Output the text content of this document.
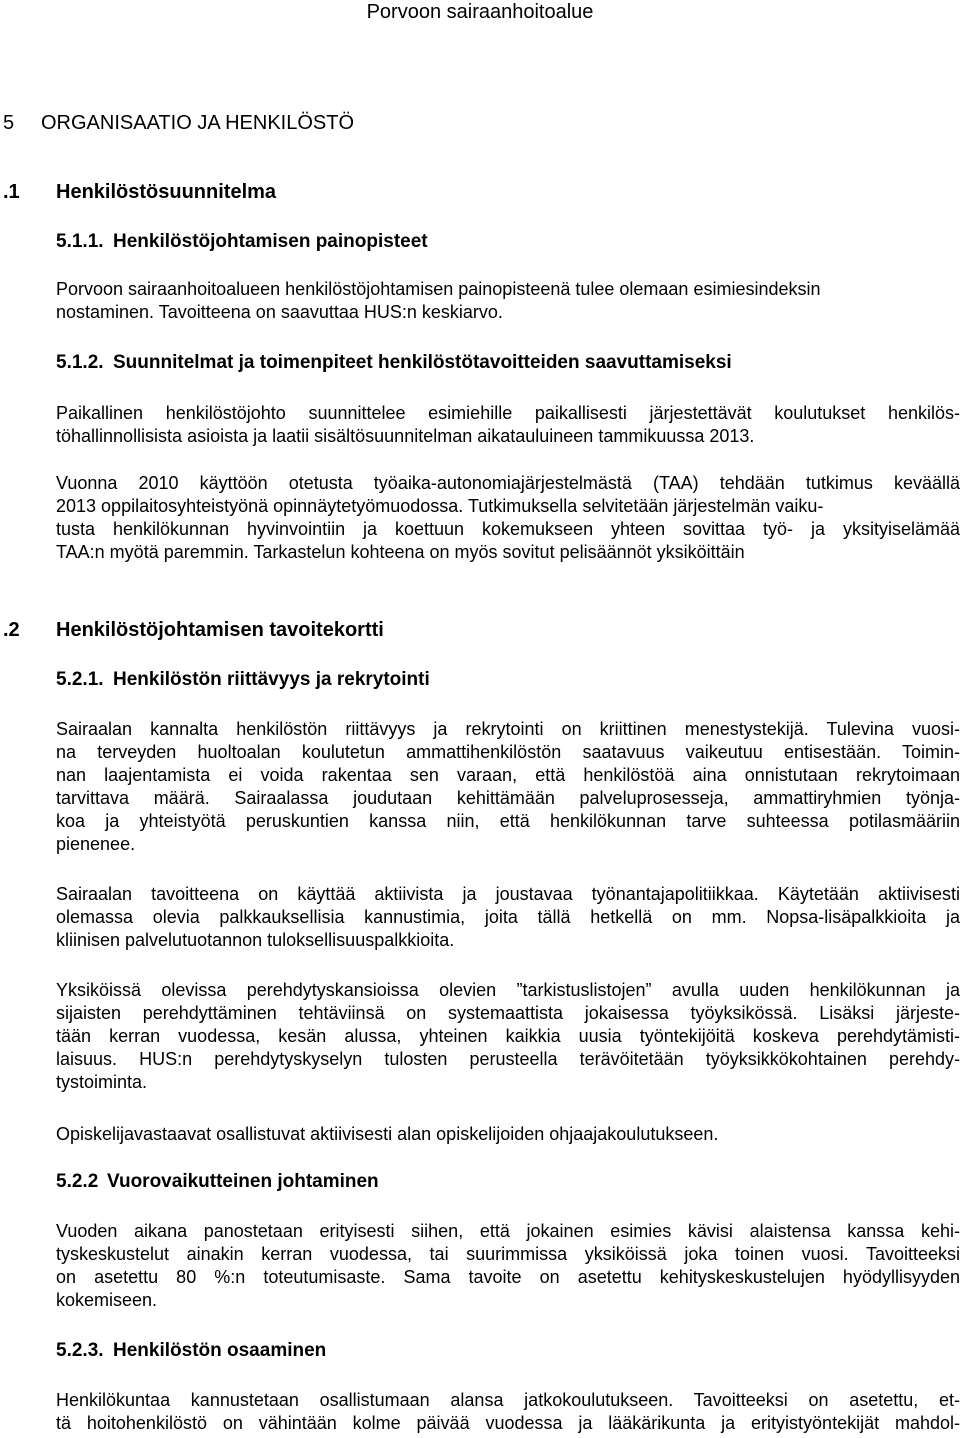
Porvoon sairaanhoitoalue
5 ORGANISAATIO JA HENKILÖSTÖ
.1 Henkilöstösuunnitelma
5.1.1. Henkilöstöjohtamisen painopisteet
Porvoon sairaanhoitoalueen henkilöstöjohtamisen painopisteenä tulee olemaan esimiesindeksin
nostaminen. Tavoitteena on saavuttaa HUS:n keskiarvo.
5.1.2. Suunnitelmat ja toimenpiteet henkilöstötavoitteiden saavuttamiseksi
Paikallinen henkilöstöjohto suunnittelee esimiehille paikallisesti järjestettävät koulutukset henkilös-
töhallinnollisista asioista ja laatii sisältösuunnitelman aikatauluineen tammikuussa 2013.
Vuonna 2010 käyttöön otetusta työaika-autonomiajärjestelmästä (TAA) tehdään tutkimus keväällä
2013 oppilaitosyhteistyönä opinnäytetyömuodossa. Tutkimuksella selvitetään järjestelmän vaiku-
tusta henkilökunnan hyvinvointiin ja koettuun kokemukseen yhteen sovittaa työ- ja yksityiselämää
TAA:n myötä paremmin. Tarkastelun kohteena on myös sovitut pelisäännöt yksiköittäin
.2 Henkilöstöjohtamisen tavoitekortti
5.2.1. Henkilöstön riittävyys ja rekrytointi
Sairaalan kannalta henkilöstön riittävyys ja rekrytointi on kriittinen menestystekijä. Tulevina vuosi-
na terveyden huoltoalan koulutetun ammattihenkilöstön saatavuus vaikeutuu entisestään. Toimin-
nan laajentamista ei voida rakentaa sen varaan, että henkilöstöä aina onnistutaan rekrytoimaan
tarvittava määrä. Sairaalassa joudutaan kehittämään palveluprosesseja, ammattiryhmien työnja-
koa ja yhteistyötä peruskuntien kanssa niin, että henkilökunnan tarve suhteessa potilasmääriin
pienenee.
Sairaalan tavoitteena on käyttää aktiivista ja joustavaa työnantajapolitiikkaa. Käytetään aktiivisesti
olemassa olevia palkkauksellisia kannustimia, joita tällä hetkellä on mm. Nopsa-lisäpalkkioita ja
kliinisen palvelutuotannon tuloksellisuuspalkkioita.
Yksiköissä olevissa perehdytyskansioissa olevien ”tarkistuslistojen” avulla uuden henkilökunnan ja
sijaisten perehdyttäminen tehtäviinsä on systemaattista jokaisessa työyksikössä. Lisäksi järjeste-
tään kerran vuodessa, kesän alussa, yhteinen kaikkia uusia työntekijöitä koskeva perehdytämisti-
laisuus. HUS:n perehdytyskyselyn tulosten perusteella terävöitetään työyksikkökohtainen perehdy-
tystoiminta.
Opiskelijavastaavat osallistuvat aktiivisesti alan opiskelijoiden ohjaajakoulutukseen.
5.2.2 Vuorovaikutteinen johtaminen
Vuoden aikana panostetaan erityisesti siihen, että jokainen esimies kävisi alaistensa kanssa kehi-
tyskeskustelut ainakin kerran vuodessa, tai suurimmissa yksiköissä joka toinen vuosi. Tavoitteeksi
on asetettu 80 %:n toteutumisaste. Sama tavoite on asetettu kehityskeskustelujen hyödyllisyyden
kokemiseen.
5.2.3. Henkilöstön osaaminen
Henkilökuntaa kannustetaan osallistumaan alansa jatkokoulutukseen. Tavoitteeksi on asetettu, et-
tä hoitohenkilöstö on vähintään kolme päivää vuodessa ja lääkärikunta ja erityistyöntekijät mahdol-
